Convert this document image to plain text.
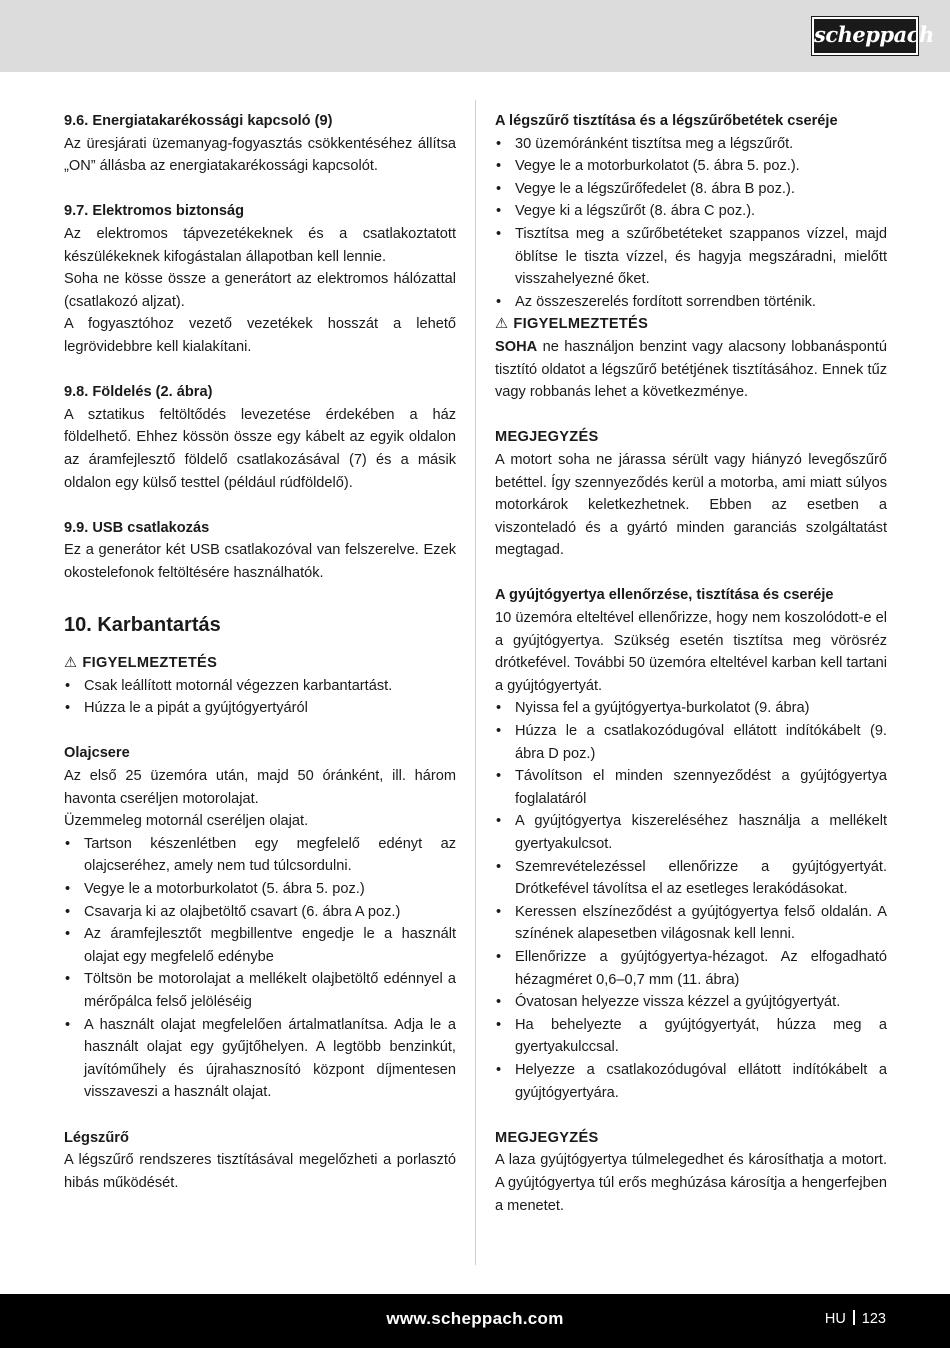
scheppach
9.6. Energiatakarékossági kapcsoló (9)

Az üresjárati üzemanyag-fogyasztás csökkentéséhez állítsa „ON” állásba az energiatakarékossági kapcsolót.

9.7. Elektromos biztonság

Az elektromos tápvezetékeknek és a csatlakoztatott készülékeknek kifogástalan állapotban kell lennie.

Soha ne kösse össze a generátort az elektromos hálózattal (csatlakozó aljzat).

A fogyasztóhoz vezető vezetékek hosszát a lehető legrövidebbre kell kialakítani.

9.8. Földelés (2. ábra)

A sztatikus feltöltődés levezetése érdekében a ház földelhető. Ehhez kössön össze egy kábelt az egyik oldalon az áramfejlesztő földelő csatlakozásával (7) és a másik oldalon egy külső testtel (például rúdföldelő).

9.9. USB csatlakozás

Ez a generátor két USB csatlakozóval van felszerelve. Ezek okostelefonok feltöltésére használhatók.

10. Karbantartás
⚠ FIGYELMEZTETÉS
• Csak leállított motornál végezzen karbantartást.
• Húzza le a pipát a gyújtógyertyáról
Olajcsere

Az első 25 üzemóra után, majd 50 óránként, ill. három havonta cseréljen motorolajat.

Üzemmeleg motornál cseréljen olajat.

• Tartson készenlétben egy megfelelő edényt az olajcseréhez, amely nem tud túlcsordulni.
• Vegye le a motorburkolatot (5. ábra 5. poz.)
• Csavarja ki az olajbetöltő csavart (6. ábra A poz.)
• Az áramfejlesztőt megbillentve engedje le a használt olajat egy megfelelő edénybe
• Töltsön be motorolajat a mellékelt olajbetöltő edénnyel a mérőpálca felső jelöléséig
• A használt olajat megfelelően ártalmatlanítsa. Adja le a használt olajat egy gyűjtőhelyen. A legtöbb benzinkút, javítóműhely és újrahasznosító központ díjmentesen visszaveszi a használt olajat.
Légszűrő

A légszűrő rendszeres tisztításával megelőzheti a porlasztó hibás működését.

A légszűrő tisztítása és a légszűrőbetétek cseréje
• 30 üzemóránként tisztítsa meg a légszűrőt.
• Vegye le a motorburkolatot (5. ábra 5. poz.).
• Vegye le a légszűrőfedelet (8. ábra B poz.).
• Vegye ki a légszűrőt (8. ábra C poz.).
• Tisztítsa meg a szűrőbetéteket szappanos vízzel, majd öblítse le tiszta vízzel, és hagyja megszáradni, mielőtt visszahelyezné őket.
• Az összeszerelés fordított sorrendben történik.
⚠ FIGYELMEZTETÉS

SOHA ne használjon benzint vagy alacsony lobbanáspontú tisztító oldatot a légszűrő betétjének tisztításához. Ennek tűz vagy robbanás lehet a következménye.

MEGJEGYZÉS

A motort soha ne járassa sérült vagy hiányzó levegőszűrő betéttel. Így szennyeződés kerül a motorba, ami miatt súlyos motorkárok keletkezhetnek. Ebben az esetben a viszonteladó és a gyártó minden garanciás szolgáltatást megtagad.

A gyújtógyertya ellenőrzése, tisztítása és cseréje

10 üzemóra elteltével ellenőrizze, hogy nem koszolódott-e el a gyújtógyertya. Szükség esetén tisztítsa meg vörösréz drótkefével. További 50 üzemóra elteltével karban kell tartani a gyújtógyertyát.

• Nyissa fel a gyújtógyertya-burkolatot (9. ábra)
• Húzza le a csatlakozódugóval ellátott indítókábelt (9. ábra D poz.)
• Távolítson el minden szennyeződést a gyújtógyertya foglalatáról
• A gyújtógyertya kiszereléséhez használja a mellékelt gyertyakulcsot.
• Szemrevételezéssel ellenőrizze a gyújtógyertyát. Drótkefével távolítsa el az esetleges lerakódásokat.
• Keressen elszíneződést a gyújtógyertya felső oldalán. A színének alapesetben világosnak kell lenni.
• Ellenőrizze a gyújtógyertya-hézagot. Az elfogadható hézagméret 0,6–0,7 mm (11. ábra)
• Óvatosan helyezze vissza kézzel a gyújtógyertyát.
• Ha behelyezte a gyújtógyertyát, húzza meg a gyertyakulccsal.
• Helyezze a csatlakozódugóval ellátott indítókábelt a gyújtógyertyára.
MEGJEGYZÉS

A laza gyújtógyertya túlmelegedhet és károsíthatja a motort. A gyújtógyertya túl erős meghúzása károsítja a hengerfejben a menetet.

www.scheppach.com	HU 123
